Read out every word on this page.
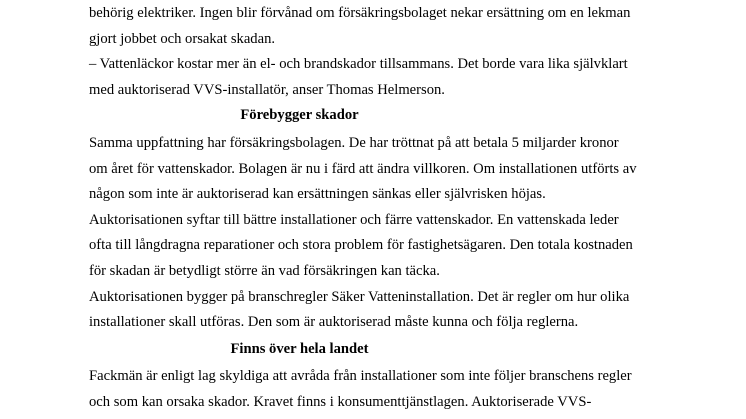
behörig elektriker. Ingen blir förvånad om försäkringsbolaget nekar ersättning om en lekman
gjort jobbet och orsakat skadan.
– Vattenläckor kostar mer än el- och brandskador tillsammans. Det borde vara lika självklart
med auktoriserad VVS-installatör, anser Thomas Helmerson.
Förebygger skador
Samma uppfattning har försäkringsbolagen. De har tröttnat på att betala 5 miljarder kronor
om året för vattenskador. Bolagen är nu i färd att ändra villkoren. Om installationen utförts av
någon som inte är auktoriserad kan ersättningen sänkas eller självrisken höjas.
Auktorisationen syftar till bättre installationer och färre vattenskador. En vattenskada leder
ofta till långdragna reparationer och stora problem för fastighetsägaren. Den totala kostnaden
för skadan är betydligt större än vad försäkringen kan täcka.
Auktorisationen bygger på branschregler Säker Vatteninstallation. Det är regler om hur olika
installationer skall utföras. Den som är auktoriserad måste kunna och följa reglerna.
Finns över hela landet
Fackmän är enligt lag skyldiga att avråda från installationer som inte följer branschens regler
och som kan orsaka skador. Kravet finns i konsumenttjänstlagen. Auktoriserade VVS-
